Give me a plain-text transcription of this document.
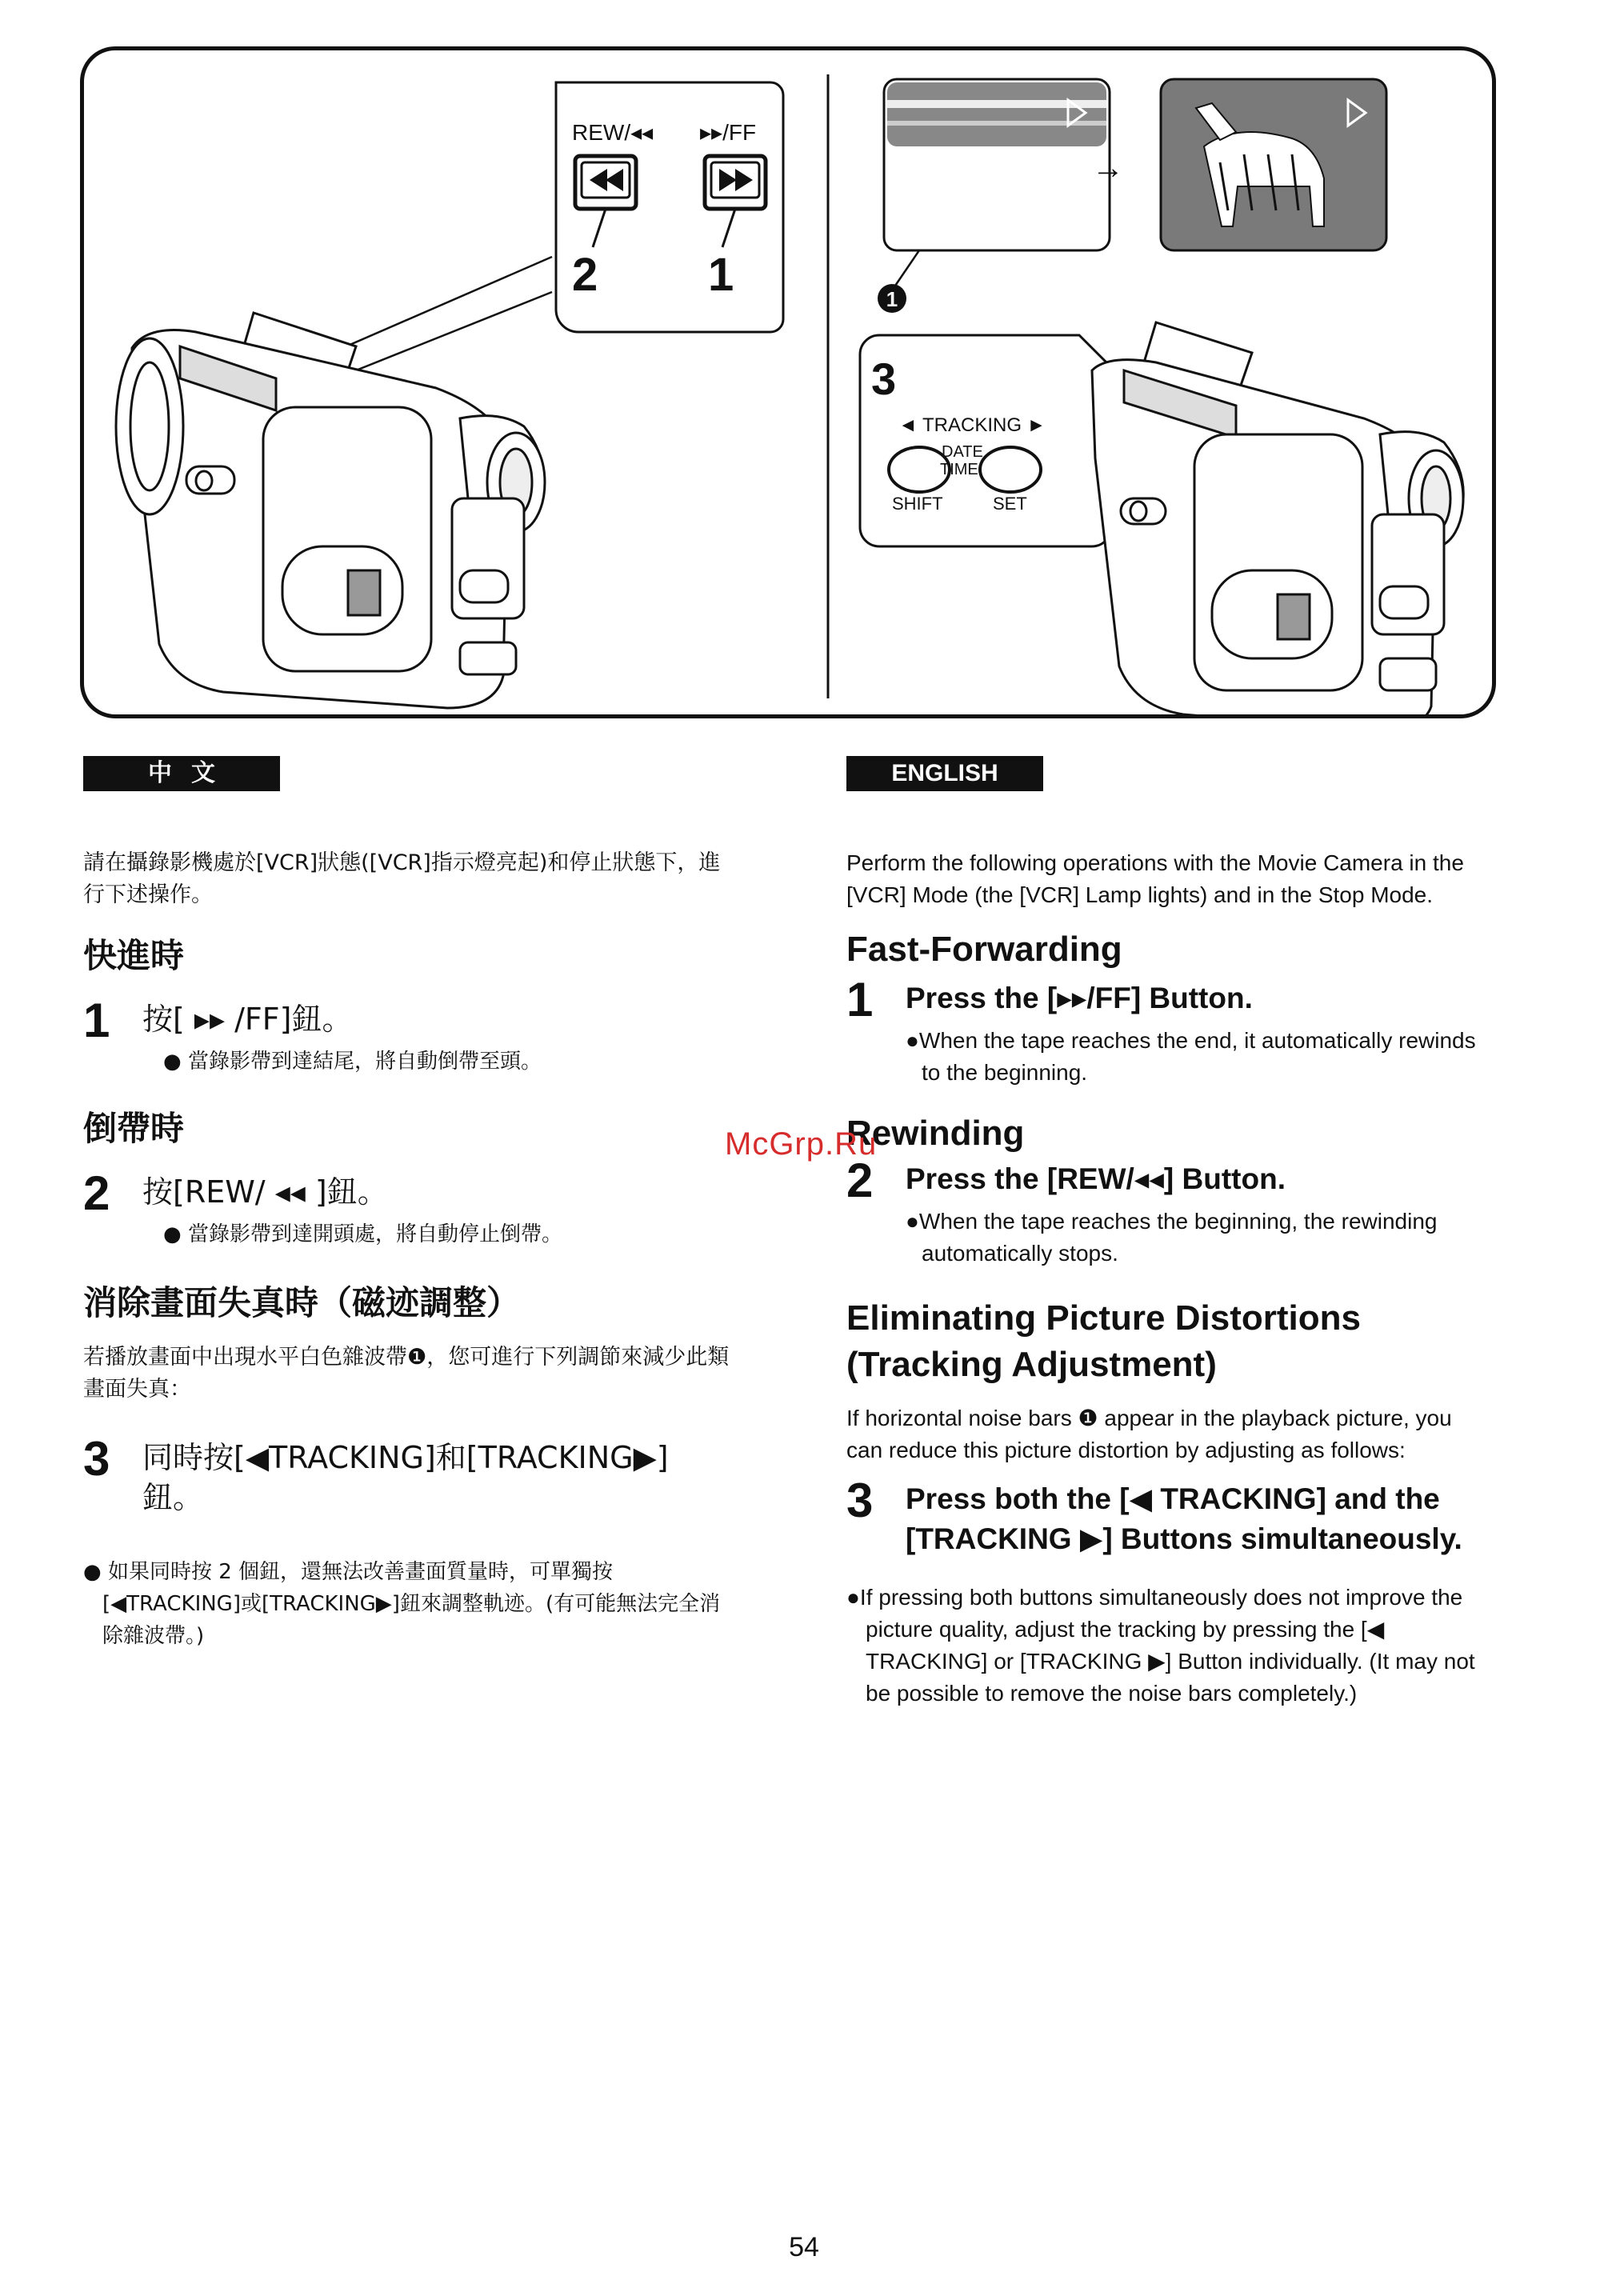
REW/◂◂ ▸▸/FF
2 1
→
1
3
◄ TRACKING ►
DATE
TIME
SHIFT	SET
中文

請在攝錄影機處於[VCR]狀態([VCR]指示燈亮起)和停止狀態下，進行下述操作。

快進時
1	按[ ▸▸ /FF]鈕。
● 當錄影帶到達結尾，將自動倒帶至頭。
倒帶時
2	按[REW/ ◂◂ ]鈕。
● 當錄影帶到達開頭處，將自動停止倒帶。
消除畫面失真時（磁迹調整）

若播放畫面中出現水平白色雜波帶❶，您可進行下列調節來減少此類畫面失真：

3	同時按[◀TRACKING]和[TRACKING▶]鈕。
● 如果同時按 2 個鈕，還無法改善畫面質量時，可單獨按[◀TRACKING]或[TRACKING▶]鈕來調整軌迹。(有可能無法完全消除雜波帶。)
ENGLISH

Perform the following operations with the Movie Camera in the [VCR] Mode (the [VCR] Lamp lights) and in the Stop Mode.

Fast-Forwarding
1	Press the [▸▸/FF] Button.
●When the tape reaches the end, it automatically rewinds to the beginning.
Rewinding
2	Press the [REW/◂◂] Button.
●When the tape reaches the beginning, the rewinding automatically stops.
Eliminating Picture Distortions (Tracking Adjustment)

If horizontal noise bars ❶ appear in the playback picture, you can reduce this picture distortion by adjusting as follows:

3	Press both the [◀ TRACKING] and the [TRACKING ▶] Buttons simultaneously.
●If pressing both buttons simultaneously does not improve the picture quality, adjust the tracking by pressing the [◀ TRACKING] or [TRACKING ▶] Button individually. (It may not be possible to remove the noise bars completely.)
McGrp.Ru
54
